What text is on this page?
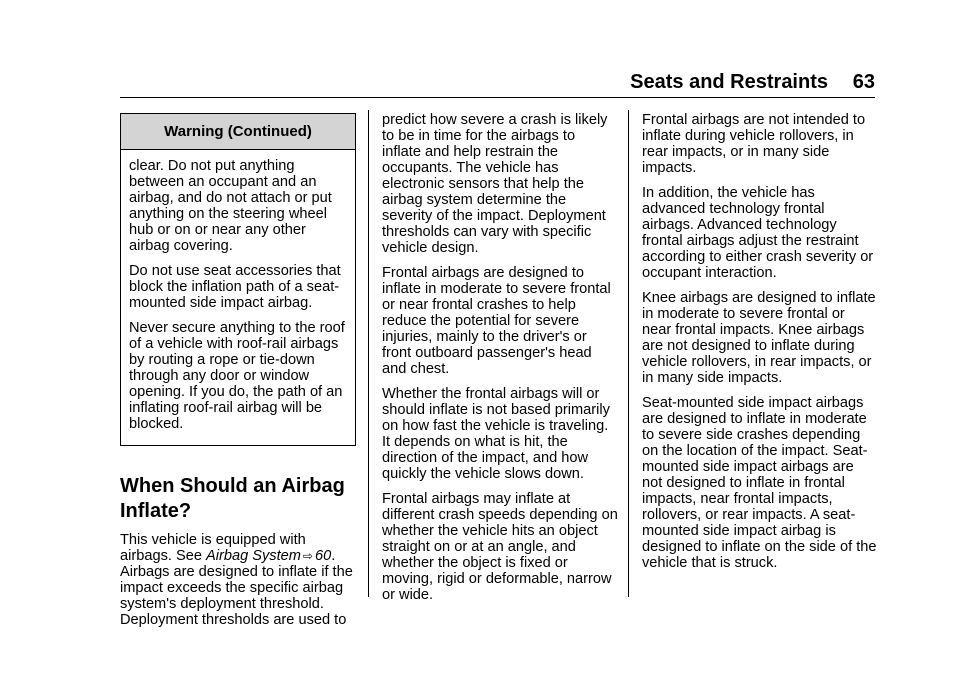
Seats and Restraints 63
Warning (Continued)

clear. Do not put anything between an occupant and an airbag, and do not attach or put anything on the steering wheel hub or on or near any other airbag covering.

Do not use seat accessories that block the inflation path of a seat-mounted side impact airbag.

Never secure anything to the roof of a vehicle with roof-rail airbags by routing a rope or tie-down through any door or window opening. If you do, the path of an inflating roof-rail airbag will be blocked.

When Should an Airbag Inflate?

This vehicle is equipped with airbags. See Airbag System ⇨ 60. Airbags are designed to inflate if the impact exceeds the specific airbag system's deployment threshold. Deployment thresholds are used to

predict how severe a crash is likely to be in time for the airbags to inflate and help restrain the occupants. The vehicle has electronic sensors that help the airbag system determine the severity of the impact. Deployment thresholds can vary with specific vehicle design.

Frontal airbags are designed to inflate in moderate to severe frontal or near frontal crashes to help reduce the potential for severe injuries, mainly to the driver's or front outboard passenger's head and chest.

Whether the frontal airbags will or should inflate is not based primarily on how fast the vehicle is traveling. It depends on what is hit, the direction of the impact, and how quickly the vehicle slows down.

Frontal airbags may inflate at different crash speeds depending on whether the vehicle hits an object straight on or at an angle, and whether the object is fixed or moving, rigid or deformable, narrow or wide.

Frontal airbags are not intended to inflate during vehicle rollovers, in rear impacts, or in many side impacts.

In addition, the vehicle has advanced technology frontal airbags. Advanced technology frontal airbags adjust the restraint according to either crash severity or occupant interaction.

Knee airbags are designed to inflate in moderate to severe frontal or near frontal impacts. Knee airbags are not designed to inflate during vehicle rollovers, in rear impacts, or in many side impacts.

Seat-mounted side impact airbags are designed to inflate in moderate to severe side crashes depending on the location of the impact. Seat-mounted side impact airbags are not designed to inflate in frontal impacts, near frontal impacts, rollovers, or rear impacts. A seat-mounted side impact airbag is designed to inflate on the side of the vehicle that is struck.
